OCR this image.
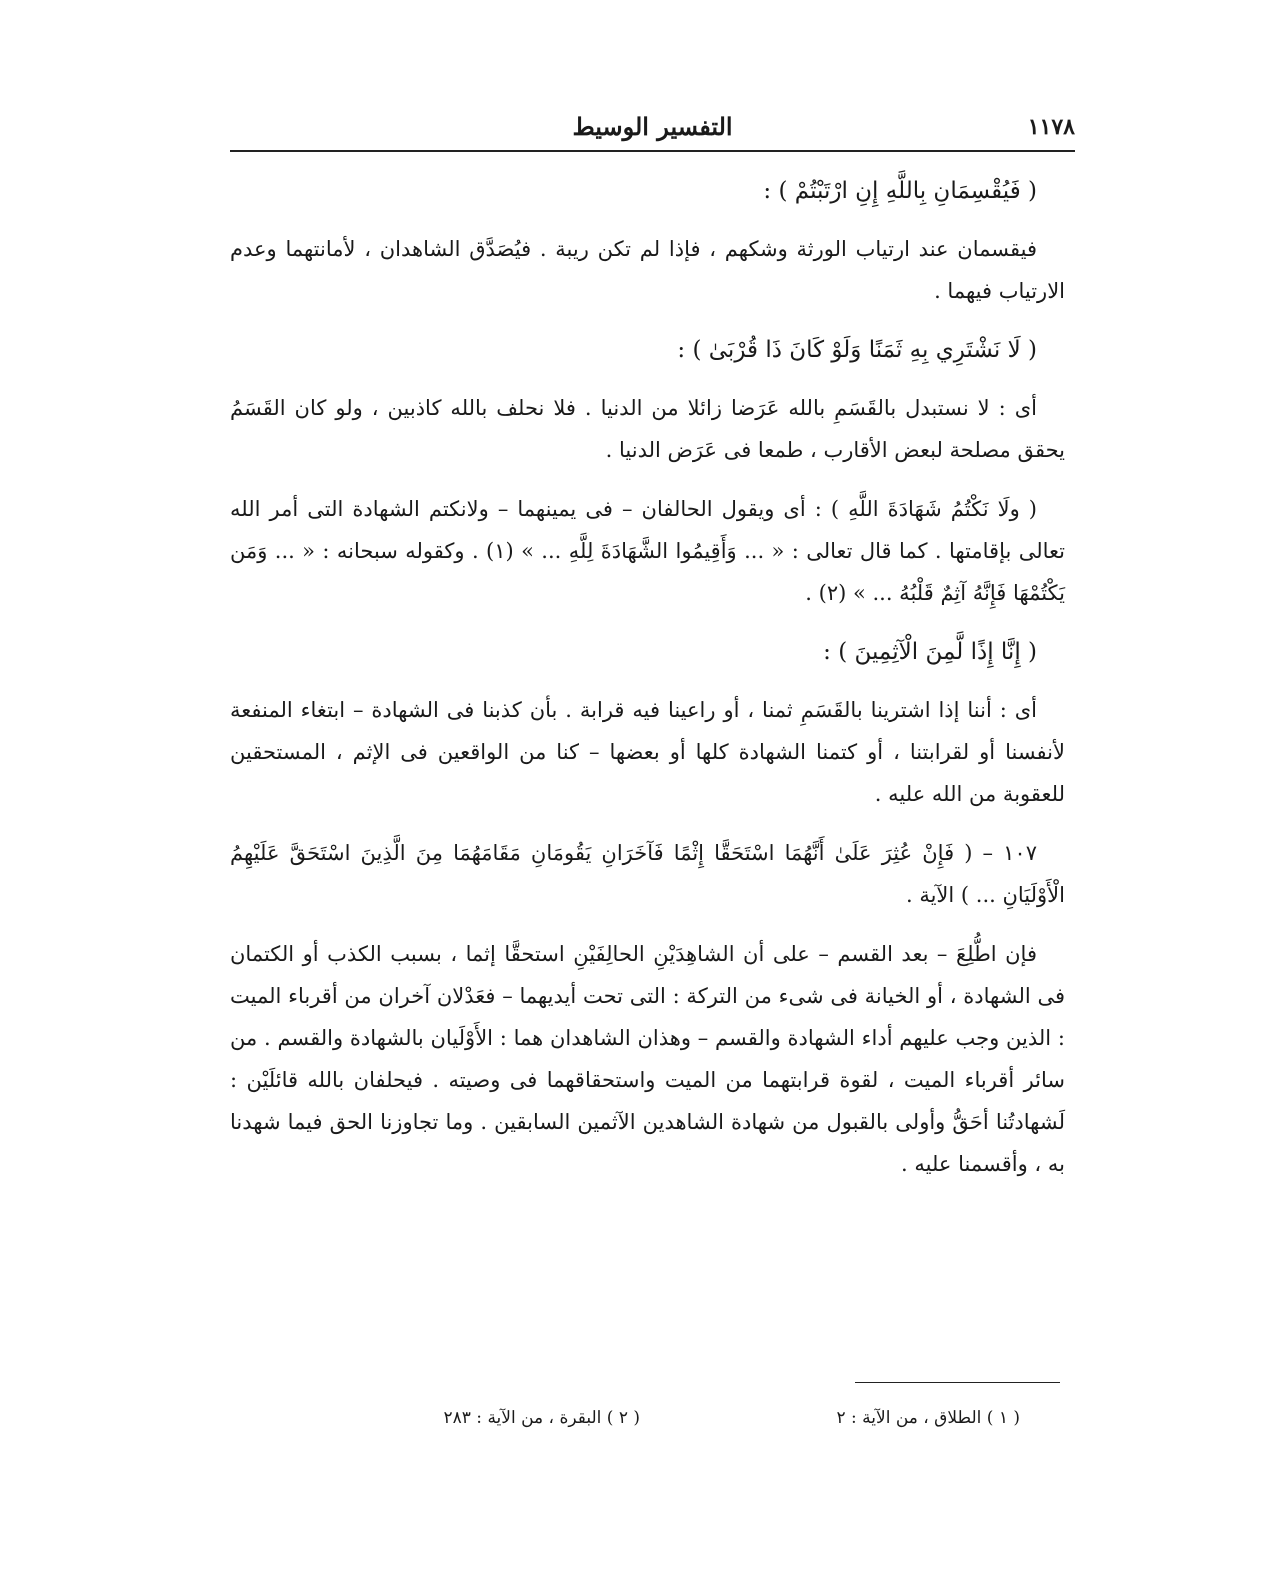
١١٧٨
التفسير الوسيط

( فَيُقْسِمَانِ بِاللَّهِ إِنِ ارْتَبْتُمْ ) :

فيقسمان عند ارتياب الورثة وشكهم ، فإذا لم تكن ريبة . فيُصَدَّق الشاهدان ، لأمانتهما وعدم الارتياب فيهما .

( لَا نَشْتَرِي بِهِ ثَمَنًا وَلَوْ كَانَ ذَا قُرْبَىٰ ) :

أى : لا نستبدل بالقَسَمِ بالله عَرَضا زائلا من الدنيا . فلا نحلف بالله كاذبين ، ولو كان القَسَمُ يحقق مصلحة لبعض الأقارب ، طمعا فى عَرَض الدنيا .

( ولَا نَكْتُمُ شَهَادَةَ اللَّهِ ) : أى ويقول الحالفان – فى يمينهما – ولانكتم الشهادة التى أمر الله تعالى بإقامتها . كما قال تعالى : « ... وَأَقِيمُوا الشَّهَادَةَ لِلَّهِ ... » (١) . وكقوله سبحانه : « ... وَمَن يَكْتُمْهَا فَإِنَّهُ آثِمٌ قَلْبُهُ ... » (٢) .

( إِنَّا إِذًا لَّمِنَ الْآثِمِينَ ) :

أى : أننا إذا اشترينا بالقَسَمِ ثمنا ، أو راعينا فيه قرابة . بأن كذبنا فى الشهادة – ابتغاء المنفعة لأنفسنا أو لقرابتنا ، أو كتمنا الشهادة كلها أو بعضها – كنا من الواقعين فى الإثم ، المستحقين للعقوبة من الله عليه .

١٠٧ – ( فَإِنْ عُثِرَ عَلَىٰ أَنَّهُمَا اسْتَحَقَّا إِثْمًا فَآخَرَانِ يَقُومَانِ مَقَامَهُمَا مِنَ الَّذِينَ اسْتَحَقَّ عَلَيْهِمُ الْأَوْلَيَانِ ... ) الآية .

فإن اطُّلِعَ – بعد القسم – على أن الشاهِدَيْنِ الحالِفَيْنِ استحقَّا إثما ، بسبب الكذب أو الكتمان فى الشهادة ، أو الخيانة فى شىء من التركة : التى تحت أيديهما – فعَدْلان آخران من أقرباء الميت : الذين وجب عليهم أداء الشهادة والقسم – وهذان الشاهدان هما : الأَوْلَيان بالشهادة والقسم . من سائر أقرباء الميت ، لقوة قرابتهما من الميت واستحقاقهما فى وصيته . فيحلفان بالله قائلَيْن : لَشهادتُنا أحَقُّ وأولى بالقبول من شهادة الشاهدين الآثمين السابقين . وما تجاوزنا الحق فيما شهدنا به ، وأقسمنا عليه .

( ١ ) الطلاق ، من الآية : ٢
( ٢ ) البقرة ، من الآية : ٢٨٣
